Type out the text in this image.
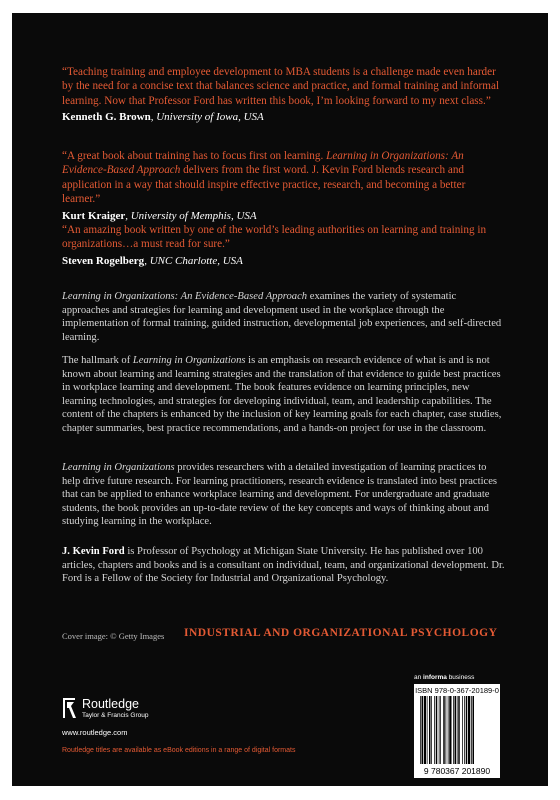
“Teaching training and employee development to MBA students is a challenge made even harder by the need for a concise text that balances science and practice, and formal training and informal learning. Now that Professor Ford has written this book, I’m looking forward to my next class.”

Kenneth G. Brown, University of Iowa, USA

“A great book about training has to focus first on learning. Learning in Organizations: An Evidence-Based Approach delivers from the first word. J. Kevin Ford blends research and application in a way that should inspire effective practice, research, and becoming a better learner.”

Kurt Kraiger, University of Memphis, USA

“An amazing book written by one of the world’s leading authorities on learning and training in organizations…a must read for sure.”

Steven Rogelberg, UNC Charlotte, USA

Learning in Organizations: An Evidence-Based Approach examines the variety of systematic approaches and strategies for learning and development used in the workplace through the implementation of formal training, guided instruction, developmental job experiences, and self-directed learning.

The hallmark of Learning in Organizations is an emphasis on research evidence of what is and is not known about learning and learning strategies and the translation of that evidence to guide best practices in workplace learning and development. The book features evidence on learning principles, new learning technologies, and strategies for developing individual, team, and leadership capabilities. The content of the chapters is enhanced by the inclusion of key learning goals for each chapter, case studies, chapter summaries, best practice recommendations, and a hands-on project for use in the classroom.

Learning in Organizations provides researchers with a detailed investigation of learning practices to help drive future research. For learning practitioners, research evidence is translated into best practices that can be applied to enhance workplace learning and development. For undergraduate and graduate students, the book provides an up-to-date review of the key concepts and ways of thinking about and studying learning in the workplace.

J. Kevin Ford is Professor of Psychology at Michigan State University. He has published over 100 articles, chapters and books and is a consultant on individual, team, and organizational development. Dr. Ford is a Fellow of the Society for Industrial and Organizational Psychology.

Cover image: © Getty Images INDUSTRIAL AND ORGANIZATIONAL PSYCHOLOGY
an informa business
ISBN 978-0-367-20189-0
9 780367 201890
Routledge
Taylor & Francis Group
www.routledge.com
Routledge titles are available as eBook editions in a range of digital formats
